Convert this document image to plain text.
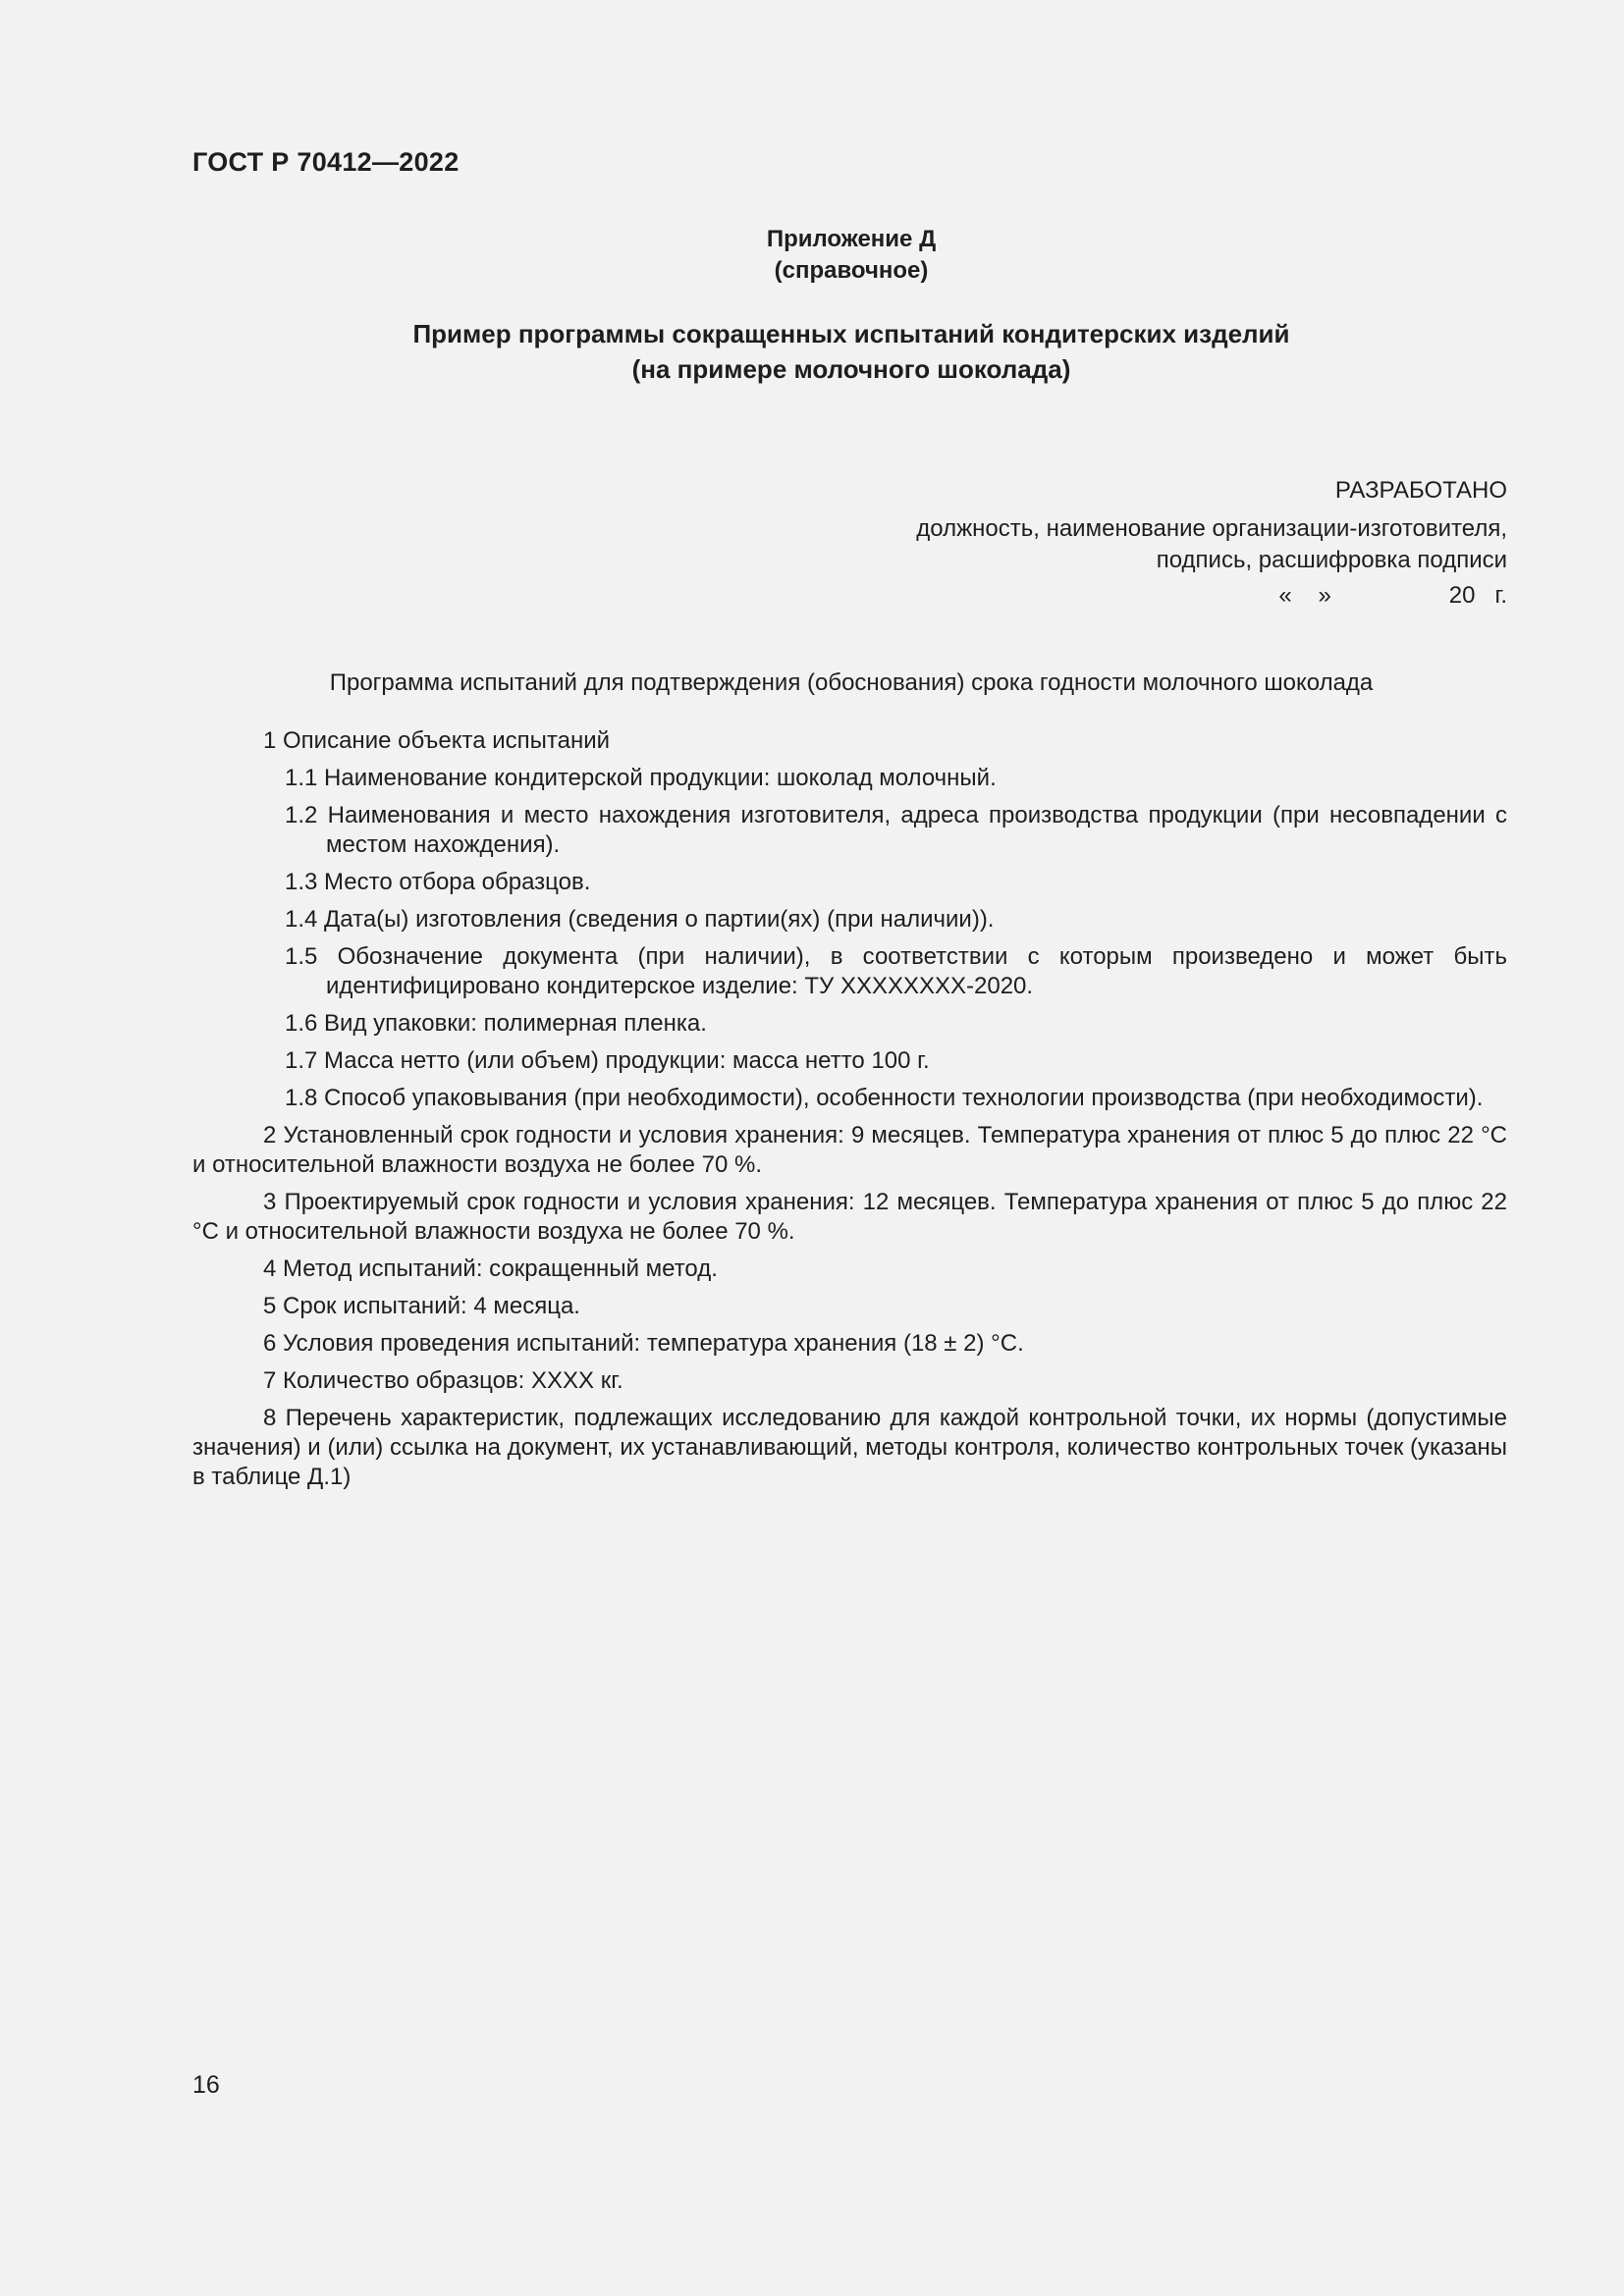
ГОСТ Р 70412—2022
Приложение Д
(справочное)
Пример программы сокращенных испытаний кондитерских изделий
(на примере молочного шоколада)
РАЗРАБОТАНО
должность, наименование организации-изготовителя,
подпись, расшифровка подписи
«    »	20   г.
Программа испытаний для подтверждения (обоснования) срока годности молочного шоколада

1 Описание объекта испытаний

1.1 Наименование кондитерской продукции: шоколад молочный.

1.2 Наименования и место нахождения изготовителя, адреса производства продукции (при несовпадении с местом нахождения).

1.3 Место отбора образцов.

1.4 Дата(ы) изготовления (сведения о партии(ях) (при наличии)).

1.5 Обозначение документа (при наличии), в соответствии с которым произведено и может быть идентифицировано кондитерское изделие: ТУ ХХХХХХХХ-2020.

1.6 Вид упаковки: полимерная пленка.

1.7 Масса нетто (или объем) продукции: масса нетто 100 г.

1.8 Способ упаковывания (при необходимости), особенности технологии производства (при необходимости).

2 Установленный срок годности и условия хранения: 9 месяцев. Температура хранения от плюс 5 до плюс 22 °С и относительной влажности воздуха не более 70 %.

3 Проектируемый срок годности и условия хранения: 12 месяцев. Температура хранения от плюс 5 до плюс 22 °С и относительной влажности воздуха не более 70 %.

4 Метод испытаний: сокращенный метод.

5 Срок испытаний: 4 месяца.

6 Условия проведения испытаний: температура хранения (18 ± 2) °С.

7 Количество образцов: ХХХХ кг.

8 Перечень характеристик, подлежащих исследованию для каждой контрольной точки, их нормы (допустимые значения) и (или) ссылка на документ, их устанавливающий, методы контроля, количество контрольных точек (указаны в таблице Д.1)

16
